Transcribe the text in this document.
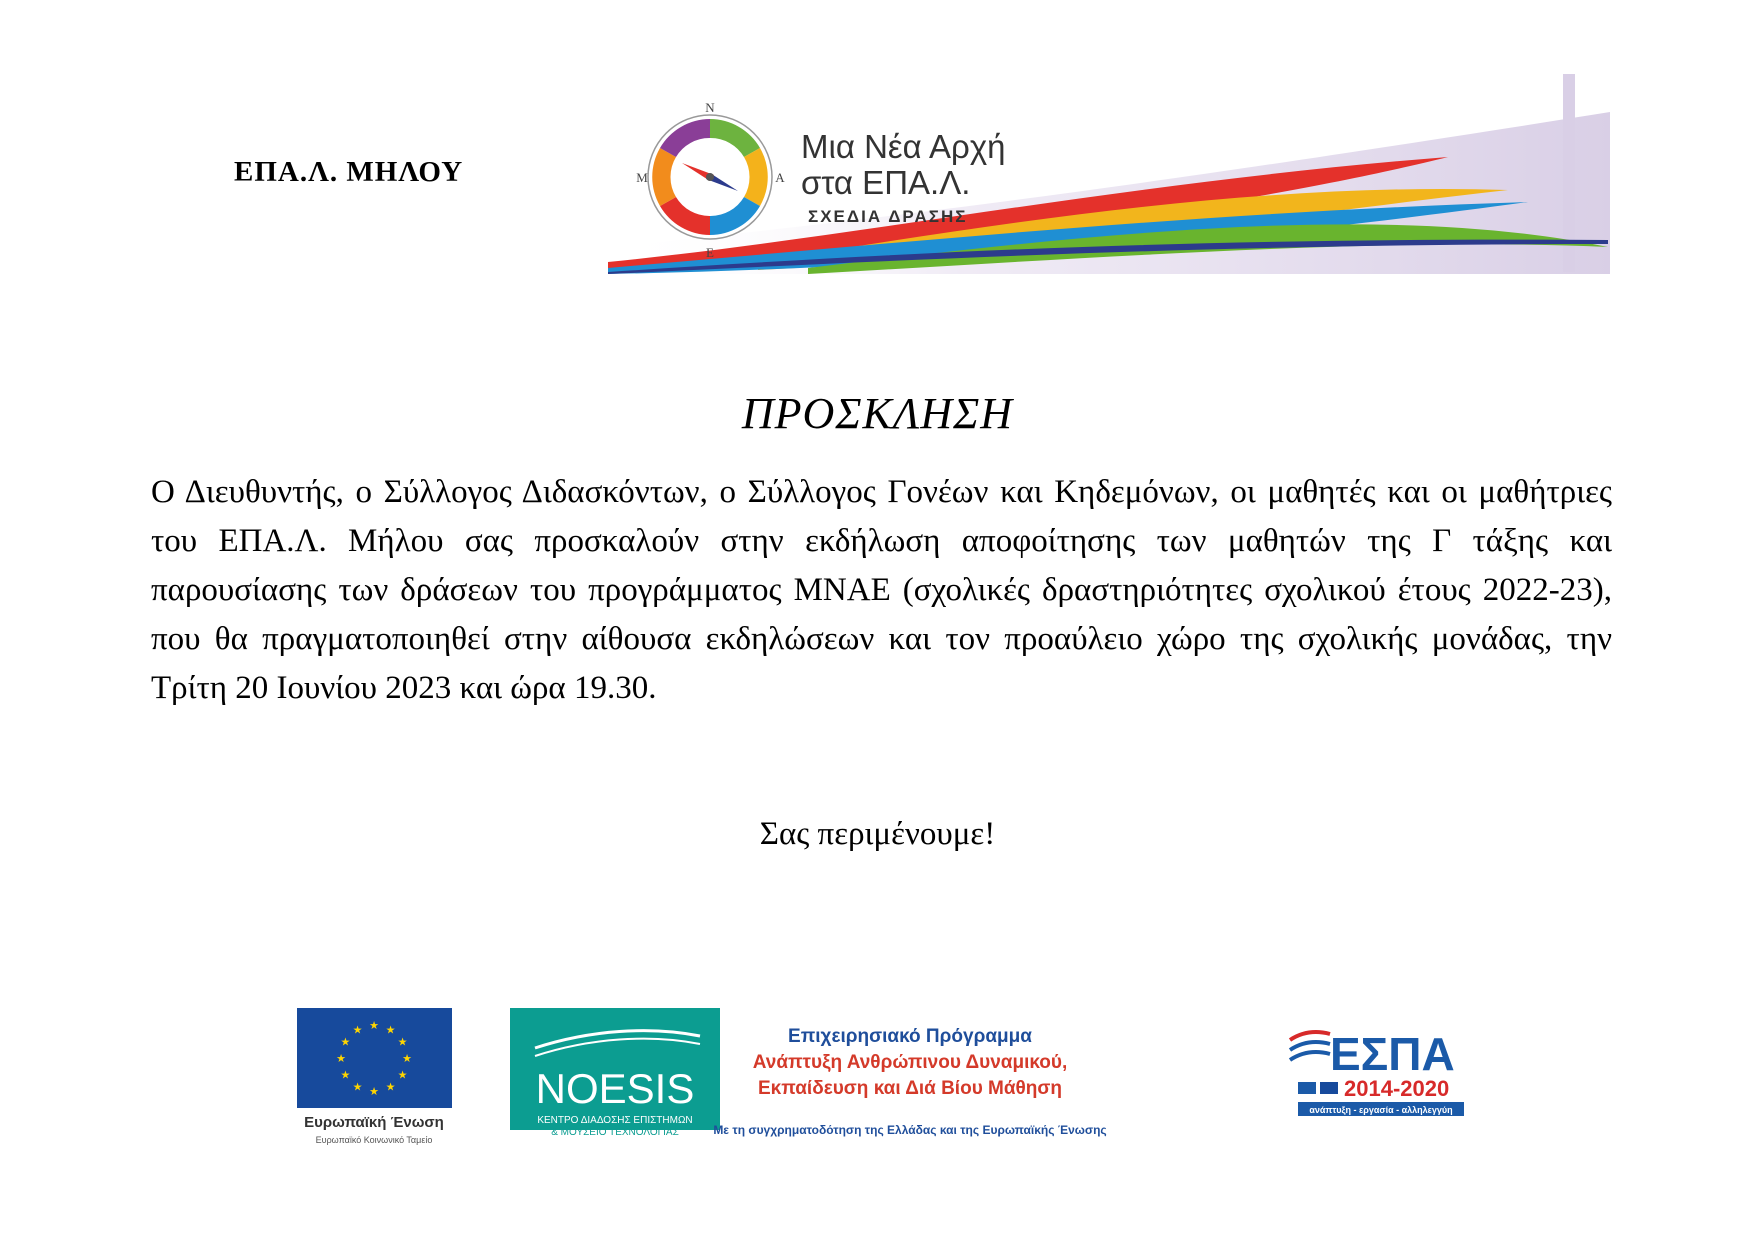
ΕΠΑ.Λ. ΜΗΛΟΥ
Ν
Ε
Μ	Α
Μια Νέα Αρχή
στα ΕΠΑ.Λ.
ΣΧΕΔΙΑ ΔΡΑΣΗΣ
ΠΡΟΣΚΛΗΣΗ

Ο Διευθυντής, ο Σύλλογος Διδασκόντων, ο Σύλλογος Γονέων και Κηδεμόνων, οι μαθητές και οι μαθήτριες του ΕΠΑ.Λ. Μήλου σας προσκαλούν στην εκδήλωση αποφοίτησης των μαθητών της Γ τάξης και παρουσίασης των δράσεων του προγράμματος ΜΝΑΕ (σχολικές δραστηριότητες σχολικού έτους 2022-23), που θα πραγματοποιηθεί στην αίθουσα εκδηλώσεων και τον προαύλειο χώρο της σχολικής μονάδας, την Τρίτη 20 Ιουνίου 2023 και ώρα 19.30.

Σας περιμένουμε!
★ ★
★
★
★
★
★
★
★
★
★
★
Ευρωπαϊκή Ένωση
Ευρωπαϊκό Κοινωνικό Ταμείο
NOESIS
ΚΕΝΤΡΟ ΔΙΑΔΟΣΗΣ ΕΠΙΣΤΗΜΩΝ
& ΜΟΥΣΕΙΟ ΤΕΧΝΟΛΟΓΙΑΣ
Επιχειρησιακό Πρόγραμμα
Ανάπτυξη Ανθρώπινου Δυναμικού,
Εκπαίδευση και Διά Βίου Μάθηση
Με τη συγχρηματοδότηση της Ελλάδας και της Ευρωπαϊκής Ένωσης
ΕΣΠΑ
2014-2020
ανάπτυξη - εργασία - αλληλεγγύη
